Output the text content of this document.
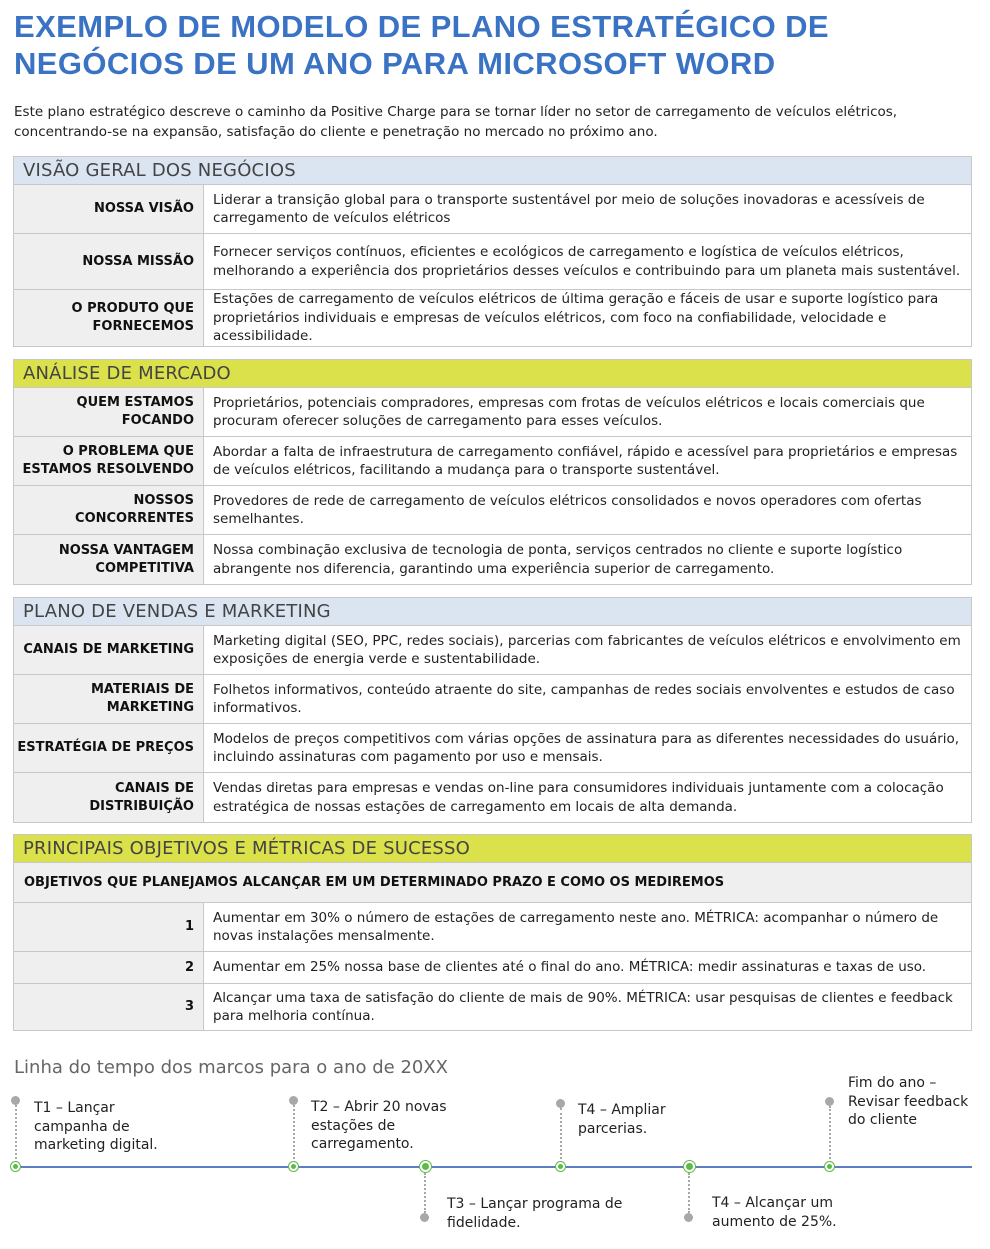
EXEMPLO DE MODELO DE PLANO ESTRATÉGICO DE NEGÓCIOS DE UM ANO PARA MICROSOFT WORD
Este plano estratégico descreve o caminho da Positive Charge para se tornar líder no setor de carregamento de veículos elétricos, concentrando-se na expansão, satisfação do cliente e penetração no mercado no próximo ano.
VISÃO GERAL DOS NEGÓCIOS
NOSSA VISÃO
Liderar a transição global para o transporte sustentável por meio de soluções inovadoras e acessíveis de carregamento de veículos elétricos
NOSSA MISSÃO
Fornecer serviços contínuos, eficientes e ecológicos de carregamento e logística de veículos elétricos, melhorando a experiência dos proprietários desses veículos e contribuindo para um planeta mais sustentável.
O PRODUTO QUE FORNECEMOS
Estações de carregamento de veículos elétricos de última geração e fáceis de usar e suporte logístico para proprietários individuais e empresas de veículos elétricos, com foco na confiabilidade, velocidade e acessibilidade.
ANÁLISE DE MERCADO
QUEM ESTAMOS FOCANDO
Proprietários, potenciais compradores, empresas com frotas de veículos elétricos e locais comerciais que procuram oferecer soluções de carregamento para esses veículos.
O PROBLEMA QUE ESTAMOS RESOLVENDO
Abordar a falta de infraestrutura de carregamento confiável, rápido e acessível para proprietários e empresas de veículos elétricos, facilitando a mudança para o transporte sustentável.
NOSSOS CONCORRENTES
Provedores de rede de carregamento de veículos elétricos consolidados e novos operadores com ofertas semelhantes.
NOSSA VANTAGEM COMPETITIVA
Nossa combinação exclusiva de tecnologia de ponta, serviços centrados no cliente e suporte logístico abrangente nos diferencia, garantindo uma experiência superior de carregamento.
PLANO DE VENDAS E MARKETING
CANAIS DE MARKETING
Marketing digital (SEO, PPC, redes sociais), parcerias com fabricantes de veículos elétricos e envolvimento em exposições de energia verde e sustentabilidade.
MATERIAIS DE MARKETING
Folhetos informativos, conteúdo atraente do site, campanhas de redes sociais envolventes e estudos de caso informativos.
ESTRATÉGIA DE PREÇOS
Modelos de preços competitivos com várias opções de assinatura para as diferentes necessidades do usuário, incluindo assinaturas com pagamento por uso e mensais.
CANAIS DE DISTRIBUIÇÃO
Vendas diretas para empresas e vendas on-line para consumidores individuais juntamente com a colocação estratégica de nossas estações de carregamento em locais de alta demanda.
PRINCIPAIS OBJETIVOS E MÉTRICAS DE SUCESSO
OBJETIVOS QUE PLANEJAMOS ALCANÇAR EM UM DETERMINADO PRAZO E COMO OS MEDIREMOS
1
Aumentar em 30% o número de estações de carregamento neste ano. MÉTRICA: acompanhar o número de novas instalações mensalmente.
2	Aumentar em 25% nossa base de clientes até o final do ano. MÉTRICA: medir assinaturas e taxas de uso.
3
Alcançar uma taxa de satisfação do cliente de mais de 90%. MÉTRICA: usar pesquisas de clientes e feedback para melhoria contínua.
Linha do tempo dos marcos para o ano de 20XX
T1 – Lançar campanha de marketing digital.
T2 – Abrir 20 novas estações de carregamento.
T3 – Lançar programa de fidelidade.
T4 – Ampliar parcerias.
T4 – Alcançar um aumento de 25%.
Fim do ano – Revisar feedback do cliente
